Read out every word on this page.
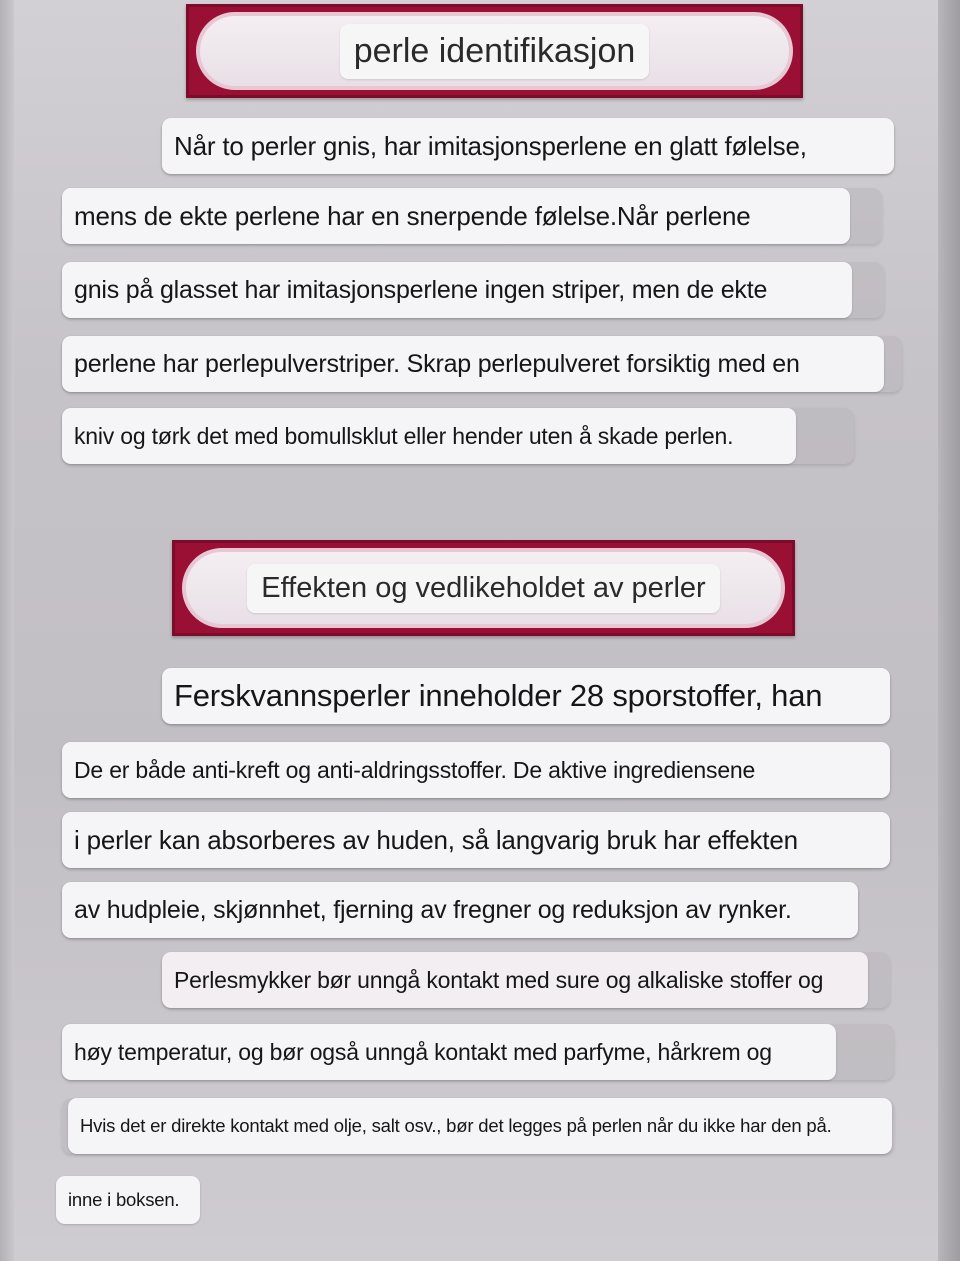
perle identifikasjon
Når to perler gnis, har imitasjonsperlene en glatt følelse,
mens de ekte perlene har en snerpende følelse.Når perlene
gnis på glasset har imitasjonsperlene ingen striper, men de ekte
perlene har perlepulverstriper. Skrap perlepulveret forsiktig med en
kniv og tørk det med bomullsklut eller hender uten å skade perlen.
Effekten og vedlikeholdet av perler
Ferskvannsperler inneholder 28 sporstoffer, han
De er både anti-kreft og anti-aldringsstoffer. De aktive ingrediensene
i perler kan absorberes av huden, så langvarig bruk har effekten
av hudpleie, skjønnhet, fjerning av fregner og reduksjon av rynker.
Perlesmykker bør unngå kontakt med sure og alkaliske stoffer og
høy temperatur, og bør også unngå kontakt med parfyme, hårkrem og
Hvis det er direkte kontakt med olje, salt osv., bør det legges på perlen når du ikke har den på.
inne i boksen.
